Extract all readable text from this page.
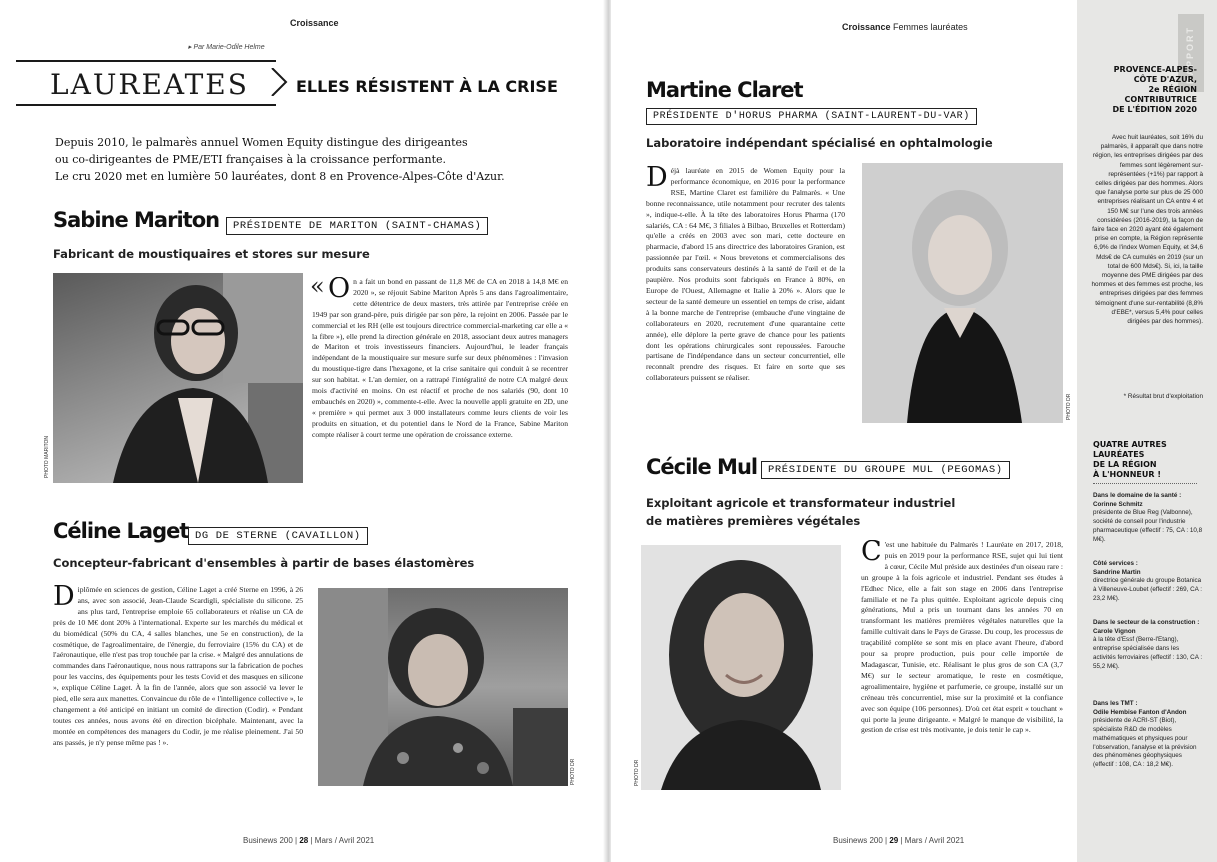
Croissance
▸ Par Marie-Odile Helme
LAUREATES	ELLES RÉSISTENT À LA CRISE

Depuis 2010, le palmarès annuel Women Equity distingue des dirigeantes

ou co-dirigeantes de PME/ETI françaises à la croissance performante.

Le cru 2020 met en lumière 50 lauréates, dont 8 en Provence-Alpes-Côte d'Azur.

Sabine Mariton	PRÉSIDENTE DE MARITON (SAINT-CHAMAS)
Fabricant de moustiquaires et stores sur mesure
PHOTO MARITON
« On a fait un bond en passant de 11,8 M€ de CA en 2018 à 14,8 M€ en 2020 », se réjouit Sabine Mariton Après 5 ans dans l'agroalimentaire, cette détentrice de deux masters, très attirée par l'entreprise créée en 1949 par son grand-père, puis dirigée par son père, la rejoint en 2006. Passée par le commercial et les RH (elle est toujours directrice commercial-marketing car elle a « la fibre »), elle prend la direction générale en 2018, associant deux autres managers de Mariton et trois investisseurs financiers. Aujourd'hui, le leader français indépendant de la moustiquaire sur mesure surfe sur deux phénomènes : l'invasion du moustique-tigre dans l'hexagone, et la crise sanitaire qui conduit à se recentrer sur son habitat. « L'an dernier, on a rattrapé l'intégralité de notre CA malgré deux mois d'activité en moins. On est réactif et proche de nos salariés (90, dont 10 embauchés en 2020) », commente-t-elle. Avec la nouvelle appli gratuite en 2D, une « première » qui permet aux 3 000 installateurs comme leurs clients de voir les produits en situation, et du potentiel dans le Nord de la France, Sabine Mariton compte réaliser à court terme une opération de croissance externe.
Céline Laget DG DE STERNE (CAVAILLON)
Concepteur-fabricant d'ensembles à partir de bases élastomères
Diplômée en sciences de gestion, Céline Laget a créé Sterne en 1996, à 26 ans, avec son associé, Jean-Claude Scardigli, spécialiste du silicone. 25 ans plus tard, l'entreprise emploie 65 collaborateurs et réalise un CA de près de 10 M€ dont 20% à l'international. Experte sur les marchés du médical et du biomédical (50% du CA, 4 salles blanches, une 5e en construction), de la cosmétique, de l'agroalimentaire, de l'énergie, du ferroviaire (15% du CA) et de l'aéronautique, elle n'est pas trop touchée par la crise. « Malgré des annulations de commandes dans l'aéronautique, nous nous rattrapons sur la fabrication de poches pour les vaccins, des équipements pour les tests Covid et des masques en silicone », explique Céline Laget. À la fin de l'année, alors que son associé va lever le pied, elle sera aux manettes. Convaincue du rôle de « l'intelligence collective », le changement a été anticipé en initiant un comité de direction (Codir). « Pendant toutes ces années, nous avons été en direction bicéphale. Maintenant, avec la montée en compétences des managers du Codir, je me réalise pleinement. J'ai 50 ans passés, je n'y pense même pas ! ».
PHOTO DR
Businews 200 | 28 | Mars / Avril 2021
Croissance Femmes lauréates
Martine Claret
PRÉSIDENTE D'HORUS PHARMA (SAINT-LAURENT-DU-VAR)
Laboratoire indépendant spécialisé en ophtalmologie
Déjà lauréate en 2015 de Women Equity pour la performance économique, en 2016 pour la performance RSE, Martine Claret est familière du Palmarès. « Une bonne reconnaissance, utile notamment pour recruter des talents », indique-t-elle. À la tête des laboratoires Horus Pharma (170 salariés, CA : 64 M€, 3 filiales à Bilbao, Bruxelles et Rotterdam) qu'elle a créés en 2003 avec son mari, cette docteure en pharmacie, d'abord 15 ans directrice des laboratoires Granion, est passionnée par l'œil. « Nous brevetons et commercialisons des produits sans conservateurs destinés à la santé de l'œil et de la paupière. Nos produits sont fabriqués en France à 80%, en Europe de l'Ouest, Allemagne et Italie à 20% ». Alors que le secteur de la santé demeure un essentiel en temps de crise, aidant à la bonne marche de l'entreprise (embauche d'une vingtaine de collaborateurs en 2020, recrutement d'une quarantaine cette année), elle déplore la perte grave de chance pour les patients dont les opérations chirurgicales sont repoussées. Farouche partisane de l'indépendance dans un secteur concurrentiel, elle reconnaît prendre des risques. Et faire en sorte que ses collaborateurs puissent se réaliser.
PHOTO DR
Cécile Mul	PRÉSIDENTE DU GROUPE MUL (PEGOMAS)
Exploitant agricole et transformateur industriel
de matières premières végétales
PHOTO DR
C 'est une habituée du Palmarès ! Lauréate en 2017, 2018, puis en 2019 pour la performance RSE, sujet qui lui tient à cœur, Cécile Mul préside aux destinées d'un oiseau rare : un groupe à la fois agricole et industriel. Pendant ses études à l'Edhec Nice, elle a fait son stage en 2006 dans l'entreprise familiale et ne l'a plus quittée. Exploitant agricole depuis cinq générations, Mul a pris un tournant dans les années 70 en transformant les matières premières végétales naturelles que la famille cultivait dans le Pays de Grasse. Du coup, les processus de traçabilité complète se sont mis en place avant l'heure, d'abord pour sa propre production, puis pour celle importée de Madagascar, Tunisie, etc. Réalisant le plus gros de son CA (3,7 M€) sur le secteur aromatique, le reste en cosmétique, agroalimentaire, hygiène et parfumerie, ce groupe, installé sur un créneau très concurrentiel, mise sur la proximité et la confiance avec son équipe (106 personnes). D'où cet état esprit « touchant » qui porte la jeune dirigeante. « Malgré le manque de visibilité, la gestion de crise est très motivante, je dois tenir le cap ».
Businews 200 | 29 | Mars / Avril 2021
RAPPORT
PROVENCE-ALPES-
CÔTE D'AZUR,
2e RÉGION
CONTRIBUTRICE
DE L'ÉDITION 2020
Avec huit lauréates, soit 16% du palmarès, il apparaît que dans notre région, les entreprises dirigées par des femmes sont légèrement sur-représentées (+1%) par rapport à celles dirigées par des hommes. Alors que l'analyse porte sur plus de 25 000 entreprises réalisant un CA entre 4 et 150 M€ sur l'une des trois années considérées (2016-2019), la façon de faire face en 2020 ayant été également prise en compte, la Région représente 6,9% de l'index Women Equity, et 34,6 Mds€ de CA cumulés en 2019 (sur un total de 600 Mds€). Si, ici, la taille moyenne des PME dirigées par des hommes et des femmes est proche, les entreprises dirigées par des femmes témoignent d'une sur-rentabilité (8,8% d'EBE*, versus 5,4% pour celles dirigées par des hommes).
* Résultat brut d'exploitation
QUATRE AUTRES
LAURÉATES
DE LA RÉGION
À L'HONNEUR !
Dans le domaine de la santé :
Corinne Schmitz
présidente de Blue Reg (Valbonne), société de conseil pour l'industrie pharmaceutique (effectif : 75, CA : 10,8 M€).
Côté services :
Sandrine Martin
directrice générale du groupe Botanica à Villeneuve-Loubet (effectif : 269, CA : 23,2 M€).
Dans le secteur de la construction :
Carole Vignon
à la tête d'Essf (Berre-l'Etang), entreprise spécialisée dans les activités ferroviaires (effectif : 130, CA : 55,2 M€).
Dans les TMT :
Odile Hembise Fanton d'Andon
présidente de ACRI-ST (Biot), spécialiste R&D de modèles mathématiques et physiques pour l'observation, l'analyse et la prévision des phénomènes géophysiques (effectif : 108, CA : 18,2 M€).
